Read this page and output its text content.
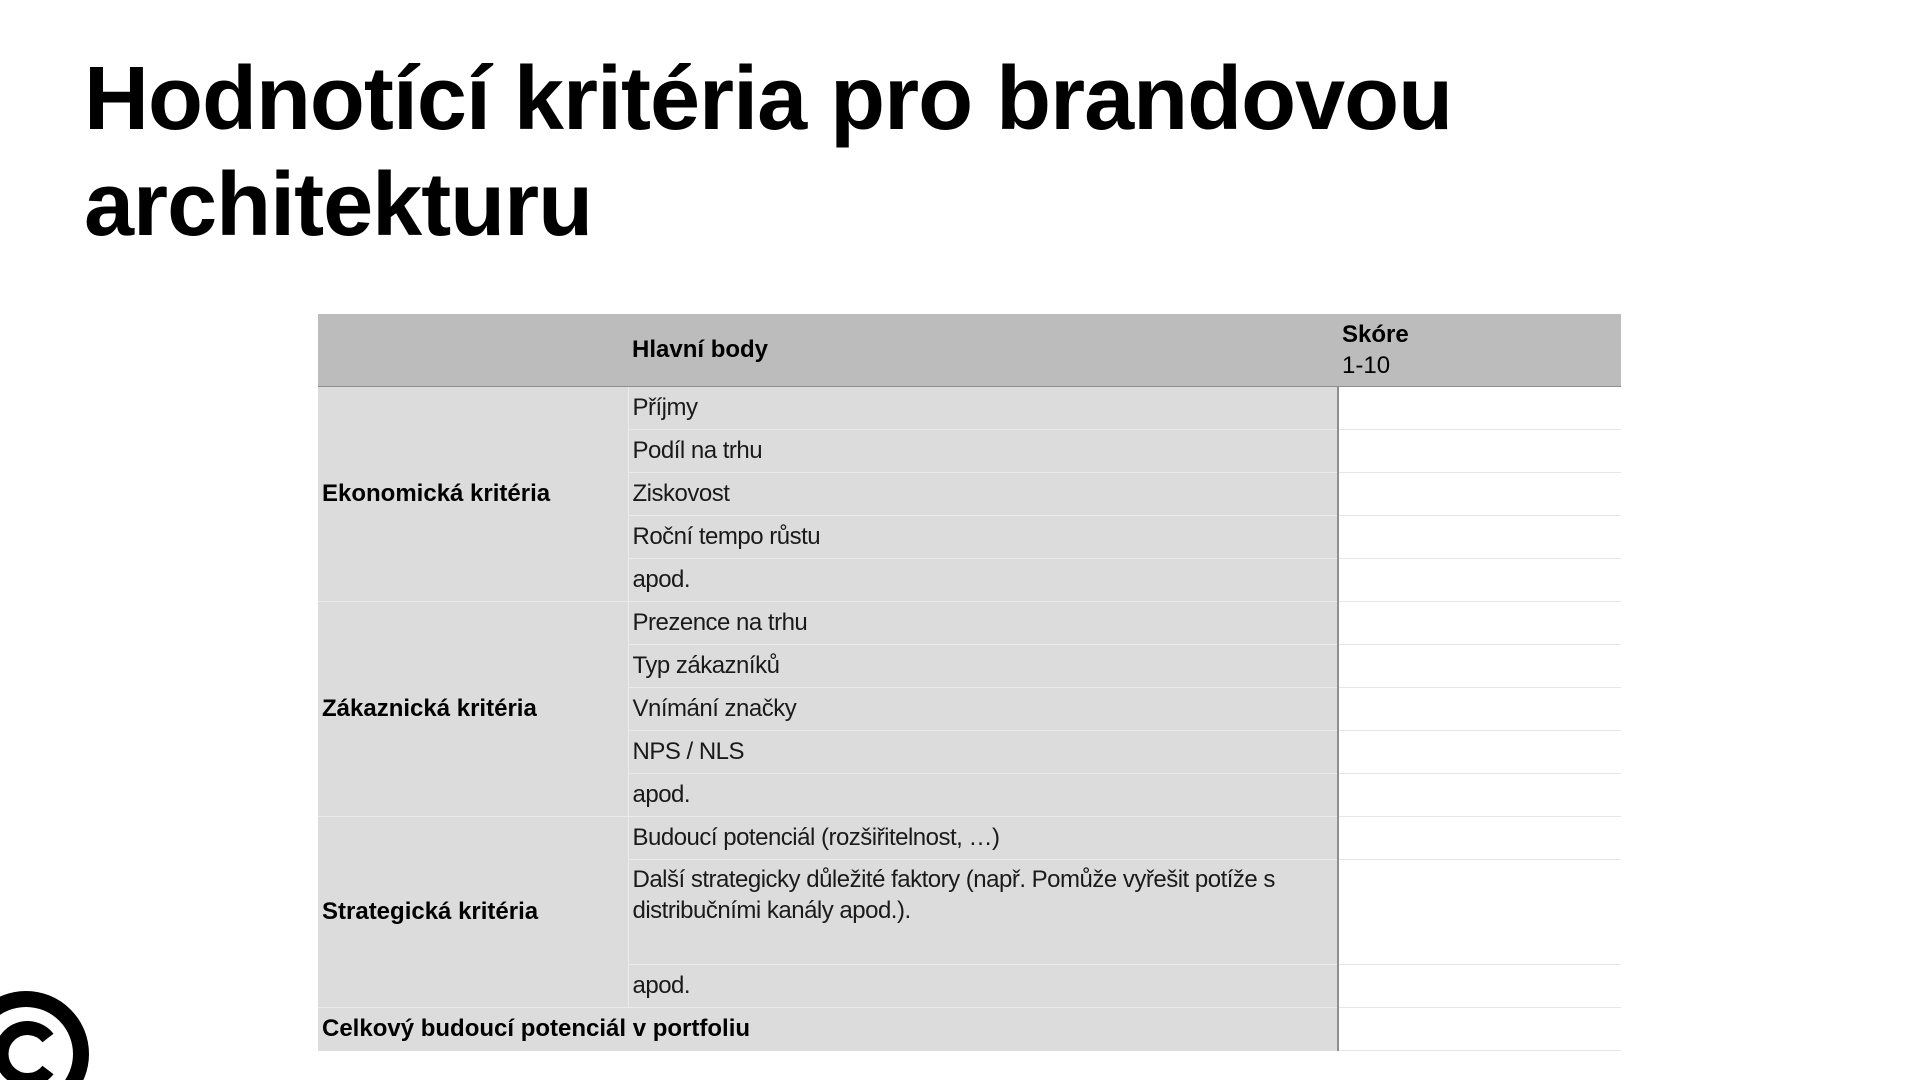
Hodnotící kritéria pro brandovou architekturu
	Hlavní body	Skóre
1-10

Ekonomická kritéria	Příjmy	
	Podíl na trhu	
	Ziskovost	
	Roční tempo růstu	
	apod.	
Zákaznická kritéria	Prezence na trhu	
	Typ zákazníků	
	Vnímání značky	
	NPS / NLS	
	apod.	
Strategická kritéria	Budoucí potenciál (rozšiřitelnost, …)	
	Další strategicky důležité faktory (např. Pomůže vyřešit potíže s distribučními kanály apod.).	
	apod.	
Celkový budoucí potenciál v portfoliu		
